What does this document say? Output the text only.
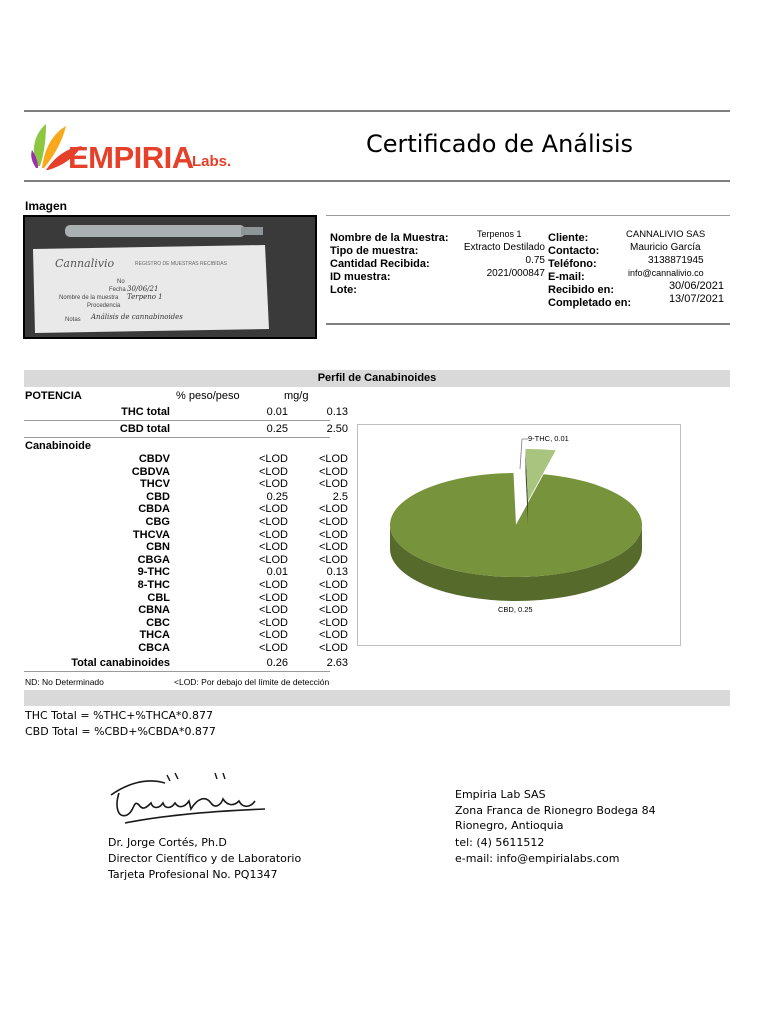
EMPIRIA
Labs.
Certificado de Análisis
Imagen
Cannalivio	REGISTRO DE MUESTRAS RECIBIDAS
No
Fecha
Nombre de la muestra
Procedencia
Notas
30/06/21
Terpeno 1
Análisis de cannabinoides
Nombre de la Muestra:	Terpenos 1
Tipo de muestra:	Extracto Destilado
Cantidad Recibida:	0.75
ID muestra:	2021/000847
Lote:
Cliente:	CANNALIVIO SAS
Contacto:	Mauricio García
Teléfono:	3138871945
E-mail:	info@cannalivio.co
Recibido en:	30/06/2021
Completado en:	13/07/2021
Perfil de Canabinoides
POTENCIA	% peso/peso	mg/g
THC total	0.01	0.13
CBD total	0.25	2.50
Canabinoide
CBDV	<LOD	<LOD
CBDVA	<LOD	<LOD
THCV	<LOD	<LOD
CBD	0.25	2.5
CBDA	<LOD	<LOD
CBG	<LOD	<LOD
THCVA	<LOD	<LOD
CBN	<LOD	<LOD
CBGA	<LOD	<LOD
9-THC	0.01	0.13
8-THC	<LOD	<LOD
CBL	<LOD	<LOD
CBNA	<LOD	<LOD
CBC	<LOD	<LOD
THCA	<LOD	<LOD
CBCA	<LOD	<LOD
Total canabinoides	0.26	2.63
ND: No Determinado	<LOD: Por debajo del límite de detección
9-THC, 0.01
CBD, 0.25
THC Total = %THC+%THCA*0.877
CBD Total = %CBD+%CBDA*0.877
Dr. Jorge Cortés, Ph.D
Director Científico y de Laboratorio
Tarjeta Profesional No. PQ1347
Empiria Lab SAS
Zona Franca de Rionegro Bodega 84
Rionegro, Antioquia
tel: (4) 5611512
e-mail: info@empirialabs.com
